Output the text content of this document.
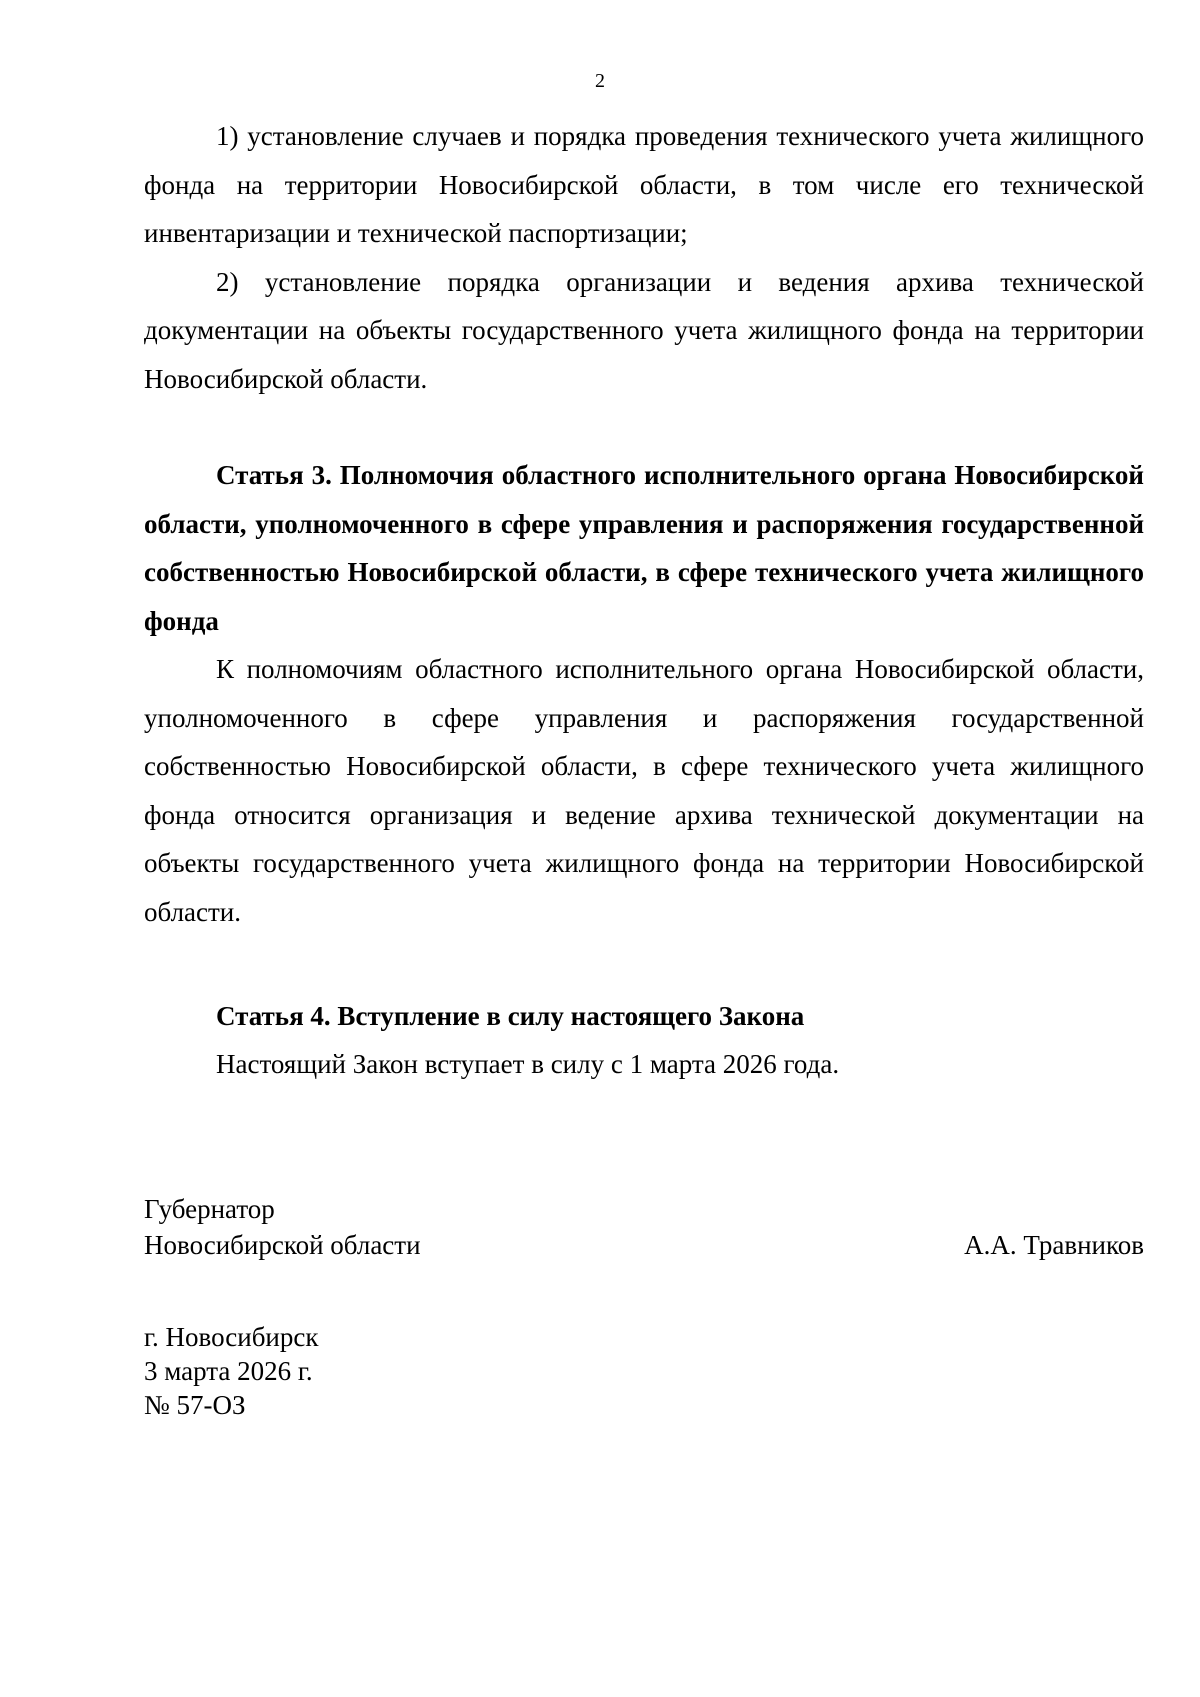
2

1) установление случаев и порядка проведения технического учета жилищного фонда на территории Новосибирской области, в том числе его технической инвентаризации и технической паспортизации;

2) установление порядка организации и ведения архива технической документации на объекты государственного учета жилищного фонда на территории Новосибирской области.

Статья 3. Полномочия областного исполнительного органа Новосибирской области, уполномоченного в сфере управления и распоряжения государственной собственностью Новосибирской области, в сфере технического учета жилищного фонда

К полномочиям областного исполнительного органа Новосибирской области, уполномоченного в сфере управления и распоряжения государственной собственностью Новосибирской области, в сфере технического учета жилищного фонда относится организация и ведение архива технической документации на объекты государственного учета жилищного фонда на территории Новосибирской области.

Статья 4. Вступление в силу настоящего Закона

Настоящий Закон вступает в силу с 1 марта 2026 года.

Губернатор

Новосибирской области	А.А. Травников

г. Новосибирск

3 марта 2026 г.

№ 57-ОЗ
